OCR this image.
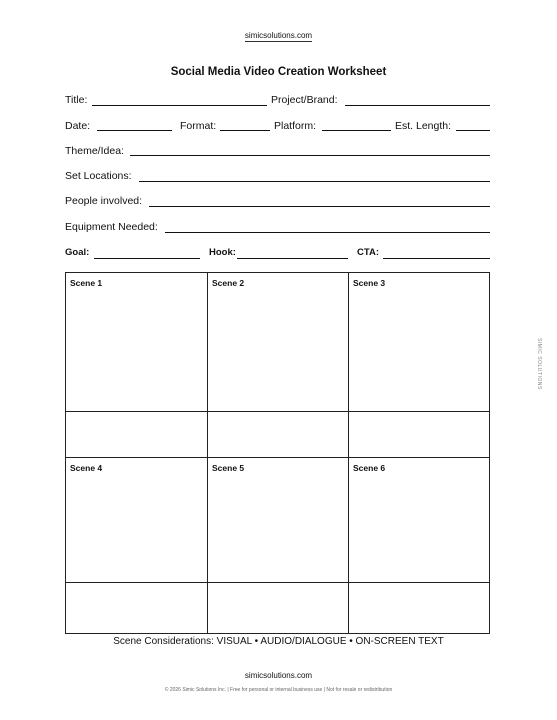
simicsolutions.com
Social Media Video Creation Worksheet
Title:	Project/Brand:
Date:	Format:	Platform:	Est. Length:
Theme/Idea:
Set Locations:
People involved:
Equipment Needed:
Goal:	Hook:	CTA:
Scene 1	Scene 2	Scene 3
Scene 4	Scene 5	Scene 6
Scene Considerations: VISUAL • AUDIO/DIALOGUE • ON-SCREEN TEXT
simicsolutions.com
© 2026 Simic Solutions Inc. | Free for personal or internal business use | Not for resale or redistribution
SIMIC SOLUTIONS
